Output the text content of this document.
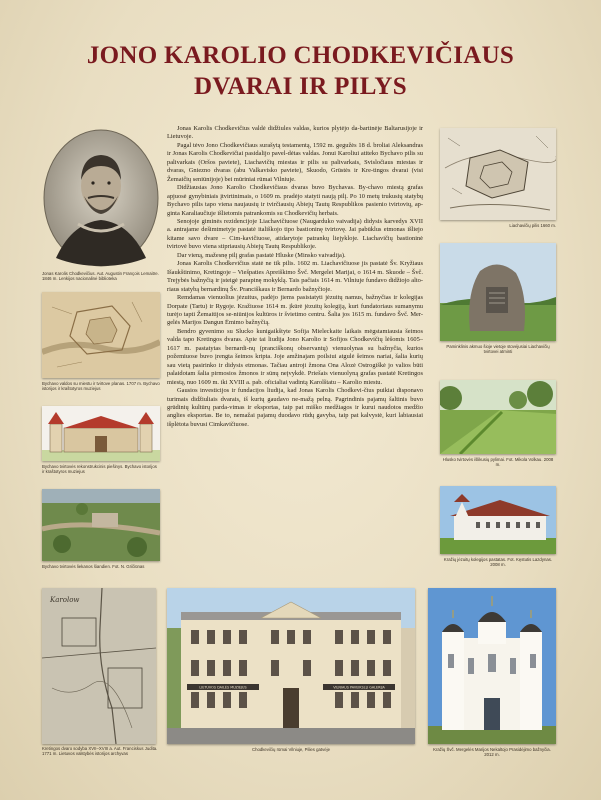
JONO KAROLIO CHODKEVIČIAUS
DVARAI IR PILYS

Jonas Karolis Chodkevičius valdė didžiules valdas, kurios plytėjo da-bartinėje Baltarusijoje ir Lietuvoje.

Pagal tėvo Jono Chodkevičiaus surašytą testamentą, 1592 m. gegužės 18 d. broliai Aleksandras ir Jonas Karolis Chodkevičiai pasidalijo pavel-dėtas valdas. Jonui Karoliui atiteko Bychavo pilis su palivarkais (Oršos paviete), Liachavičių miestas ir pilis su palivarkais, Svisločiaus miestas ir dvaras, Gniezno dvaras (abu Valkavisko paviete), Skuodo, Grūstės ir Kre-tingos dvarai (visi Žemaičių seniūnijoje) bei mūriniai rūmai Vilniuje.

Didžiausias Jono Karolio Chodkevičiaus dvaras buvo Bychavas. By-chavo miestą grafas apjuosė gynybiniais įtvirtinimais, o 1609 m. pradėjo statyti naują pilį. Po 10 metų trukusių statybų Bychavo pilis tapo viena naujausių ir tvirčiausių Abiejų Tautų Respublikos pasienio tvirtovių, ap-ginta Karaliaučiuje išlietomis patrankomis su Chodkevičių herbais.

Senojoje giminės rezidencijoje Liachavičiuose (Naugarduko vaivadija) didysis karvedys XVII a. antrajame dešimtmetyje pastatė itališkojo tipo bastioninę tvirtovę. Jai pabūklus etmonas išliejo kitame savo dvare – Cim-kavičiuose, atidarytoje patrankų liejykloje. Liachavičių bastioninė tvirtovė buvo viena stipriausių Abiejų Tautų Respublikoje.

Dar vieną, mažesnę pilį grafas pastatė Hluske (Minsko vaivadija).

Jonas Karolis Chodkevičius statė ne tik pilis. 1602 m. Liachavičiuose jis pastatė Šv. Kryžiaus Išaukštinimo, Kretingoje – Viešpaties Apreiškimo Švč. Mergelei Marijai, o 1614 m. Skuode – Švč. Trejybės bažnyčią ir įsteigė parapinę mokyklą. Tais pačiais 1614 m. Vilniuje fundavo didžiojo alto-riaus statybą bernardinų Šv. Pranciškaus ir Bernardo bažnyčioje.

Remdamas vienuolius jėzuitus, padėjo jiems pasistatyti jėzuitų namus, bažnyčias ir kolegijas Dorpate (Tartu) ir Rygoje. Kražiuose 1614 m. įkūrė jėzuitų kolegiją, kuri fundatoriaus sumanymu turėjo tapti Žemaitijos se-niūnijos kultūros ir švietimo centru. Šalia jos 1615 m. fundavo Švč. Mer-gelės Marijos Dangun Ėmimo bažnyčią.

Bendro gyvenimo su Slucko kunigaikštyte Sofija Mieleckaite laikais mėgstamiausia šeimos valda tapo Kretingos dvaras. Apie tai liudija Jono Karolio ir Sofijos Chodkevičių lėšomis 1605–1617 m. pastatytas bernardi-nų (pranciškonų observantų) vienuolynas su bažnyčia, kurios požemiuose buvo įrengta šeimos kripta. Joje amžinajam poilsiui atgulė šeimos nariai, šalia kurių sau vietą pasirinko ir didysis etmonas. Tačiau antroji žmona Ona Alozė Ostrogiškė jo valios būti palaidotam šalia pirmosios žmonos ir sūnų neįvykdė. Priešais vienuolyną grafas pastatė Kretingos miestą, nuo 1609 m. iki XVIII a. pab. oficialiai vadintą Karolštatu – Karolio miestu.

Gausios investicijos ir fundacijos liudija, kad Jonas Karolis Chodkevi-čius puikiai disponavo turimais didžiuliais dvarais, iš kurių gaudavo ne-mažą pelną. Pagrindinis pajamų šaltinis buvo grūdinių kultūrų parda-vimas ir eksportas, taip pat miško medžiagos ir kurui naudotos medžio anglies eksportas. Be to, nemažai pajamų duodavo rūdų gavyba, taip pat kalvystė, kuri labiausiai išplėtota buvusi Cimkavičiuose.

Jonas Karolis Chodkevičius. Aut. Augustin François Lemaitre. 1846 m. Lenkijos nacionalinė biblioteka
Bychavo valdos su miestu ir tvirtove planas. 1707 m. Bychavo istorijos ir kraštotyros muziejus
Bychavo tvirtovės rekonstrukcinis piešinys. Bychavo istorijos ir kraštotyros muziejus
Bychavo tvirtovės liekanos šiandien. Fot. N. Gričiūnas
Liachavičių pilis 1660 m.
Paminklinis akmuo šioje vietoje stovėjusiai Liachavičių tvirtovei atminti
Hlusko tvirtovės išlikusių pylimai. Fot. Mikola Volkau. 2008 m.
Kražių jėzuitų kolegijos pastatas. Fot. Kęstutis Lazdynas. 2008 m.
Karolow
Kretingos dvaro sodyba XVII–XVIII a. Aut. Franciskus Judita. 1771 m. Lietuvos valstybės istorijos archyvas
LIETUVOS DAILĖS MUZIEJUS	VILNIAUS PAVEIKSLŲ GALERIJA
Chodkevičių rūmai Vilniuje, Pilies gatvėje	Kražių Švč. Mergelės Marijos Nekaltojo Prasidėjimo bažnyčia. 2012 m.
